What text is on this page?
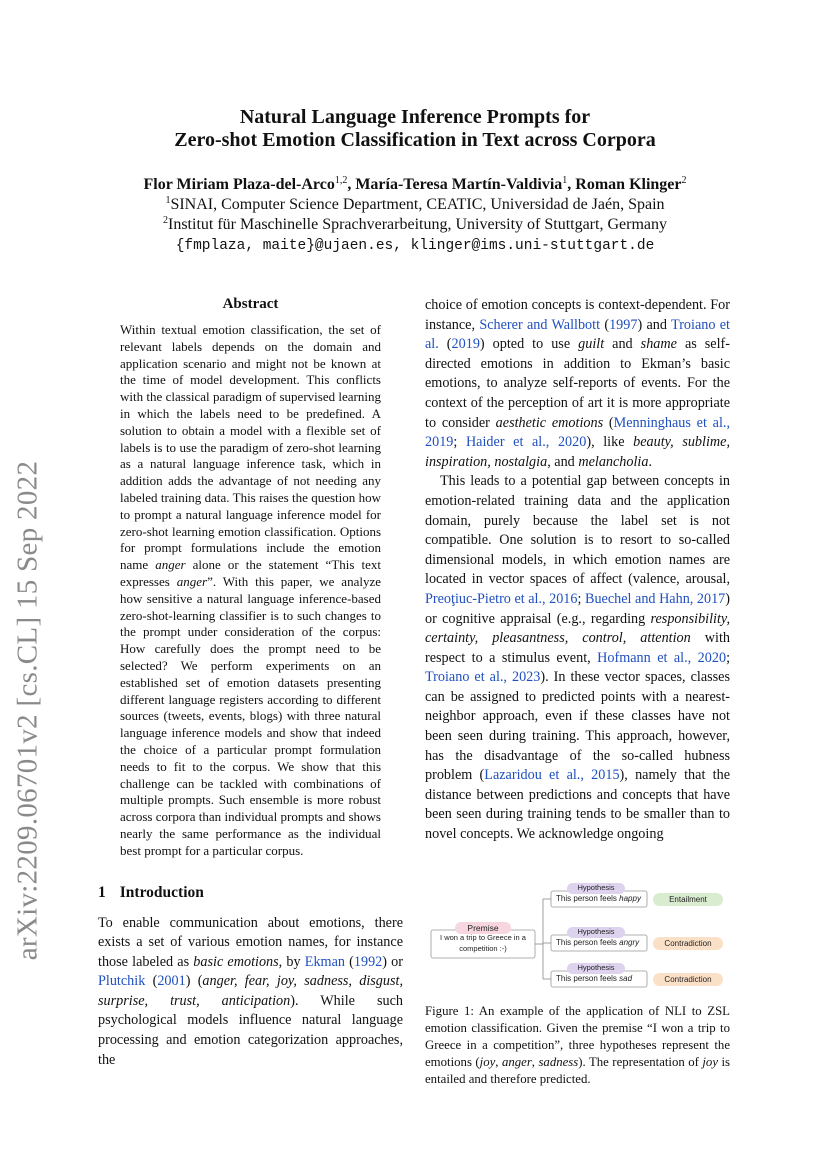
arXiv:2209.06701v2 [cs.CL] 15 Sep 2022

Natural Language Inference Prompts for

Zero-shot Emotion Classification in Text across Corpora

Flor Miriam Plaza-del-Arco$^{1,2}$, María-Teresa Martín-Valdivia$^1$, Roman Klinger$^2$
$^1$SINAI, Computer Science Department, CEATIC, Universidad de Jaén, Spain
$^2$Institut für Maschinelle Sprachverarbeitung, University of Stuttgart, Germany
{fmplaza, maite}@ujaen.es, klinger@ims.uni-stuttgart.de

Abstract

Within textual emotion classification, the set of relevant labels depends on the domain and application scenario and might not be known at the time of model development. This conflicts with the classical paradigm of supervised learning in which the labels need to be predefined. A solution to obtain a model with a flexible set of labels is to use the paradigm of zero-shot learning as a natural language inference task, which in addition adds the advantage of not needing any labeled training data. This raises the question how to prompt a natural language inference model for zero-shot learning emotion classification. Options for prompt formulations include the emotion name anger alone or the statement “This text expresses anger”. With this paper, we analyze how sensitive a natural language inference-based zero-shot-learning classifier is to such changes to the prompt under consideration of the corpus: How carefully does the prompt need to be selected? We perform experiments on an established set of emotion datasets presenting different language registers according to different sources (tweets, events, blogs) with three natural language inference models and show that indeed the choice of a particular prompt formulation needs to fit to the corpus. We show that this challenge can be tackled with combinations of multiple prompts. Such ensemble is more robust across corpora than individual prompts and shows nearly the same performance as the individual best prompt for a particular corpus.

1 Introduction

To enable communication about emotions, there exists a set of various emotion names, for instance those labeled as basic emotions, by Ekman (1992) or Plutchik (2001) (anger, fear, joy, sadness, disgust, surprise, trust, anticipation). While such psychological models influence natural language processing and emotion categorization approaches, the

choice of emotion concepts is context-dependent. For instance, Scherer and Wallbott (1997) and Troiano et al. (2019) opted to use guilt and shame as self-directed emotions in addition to Ekman’s basic emotions, to analyze self-reports of events. For the context of the perception of art it is more appropriate to consider aesthetic emotions (Menninghaus et al., 2019; Haider et al., 2020), like beauty, sublime, inspiration, nostalgia, and melancholia.

This leads to a potential gap between concepts in emotion-related training data and the application domain, purely because the label set is not compatible. One solution is to resort to so-called dimensional models, in which emotion names are located in vector spaces of affect (valence, arousal, Preoţiuc-Pietro et al., 2016; Buechel and Hahn, 2017) or cognitive appraisal (e.g., regarding responsibility, certainty, pleasantness, control, attention with respect to a stimulus event, Hofmann et al., 2020; Troiano et al., 2023). In these vector spaces, classes can be assigned to predicted points with a nearest-neighbor approach, even if these classes have not been seen during training. This approach, however, has the disadvantage of the so-called hubness problem (Lazaridou et al., 2015), namely that the distance between predictions and concepts that have been seen during training tends to be smaller than to novel concepts. We acknowledge ongoing

Premise
I won a trip to Greece in a
competition :-)
Hypothesis
This person feels happy	Entailment
Hypothesis
This person feels angry	Contradiction
Hypothesis
This person feels sad	Contradiction

Figure 1: An example of the application of NLI to ZSL emotion classification. Given the premise “I won a trip to Greece in a competition”, three hypotheses represent the emotions (joy, anger, sadness). The representation of joy is entailed and therefore predicted.
